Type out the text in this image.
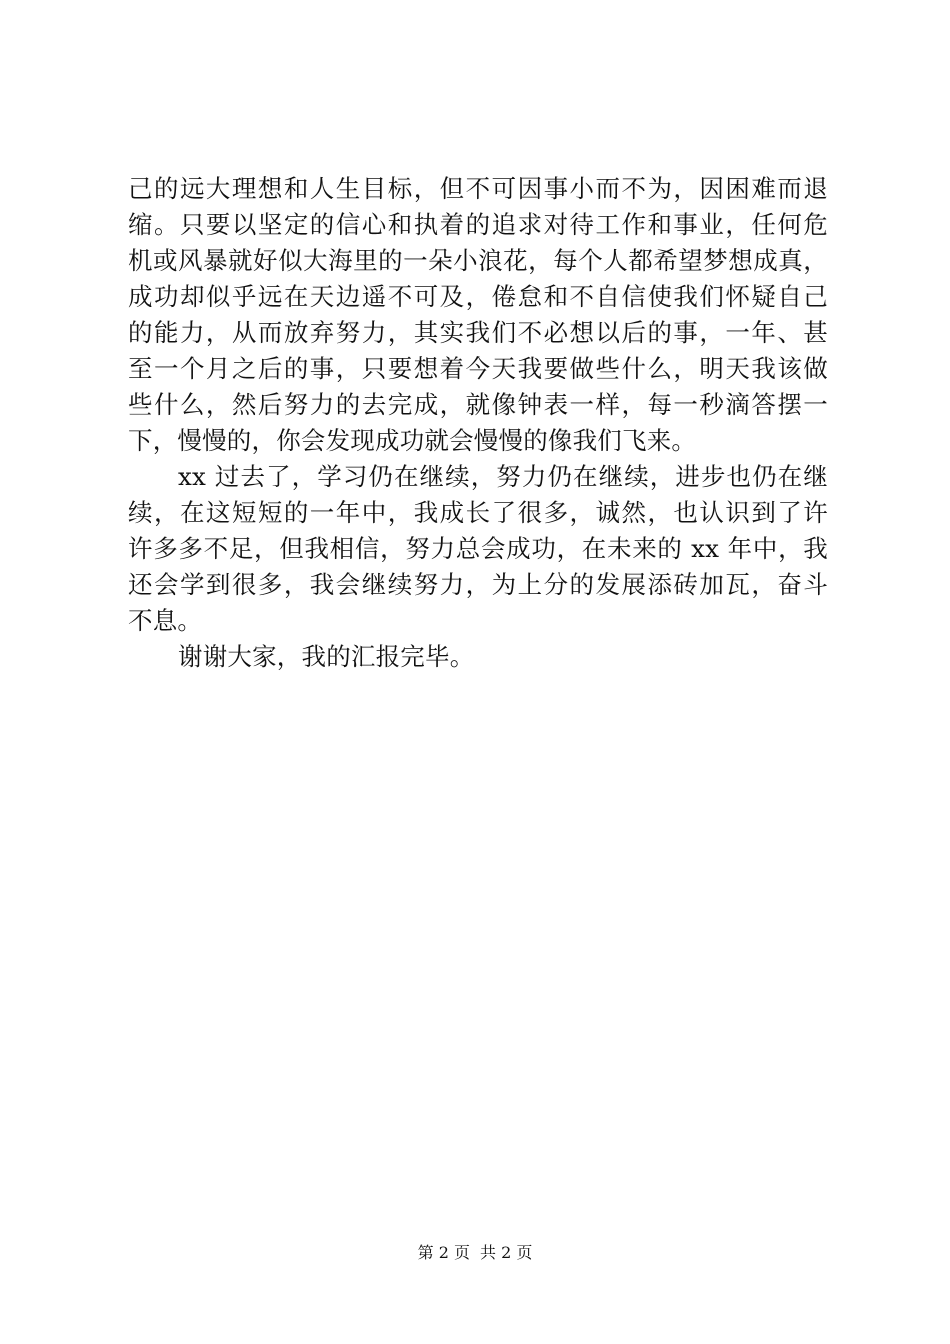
己的远大理想和人生目标，但不可因事小而不为，因困难而退
缩。只要以坚定的信心和执着的追求对待工作和事业，任何危
机或风暴就好似大海里的一朵小浪花，每个人都希望梦想成真，
成功却似乎远在天边遥不可及，倦怠和不自信使我们怀疑自己
的能力，从而放弃努力，其实我们不必想以后的事，一年、甚
至一个月之后的事，只要想着今天我要做些什么，明天我该做
些什么，然后努力的去完成，就像钟表一样，每一秒滴答摆一
下，慢慢的，你会发现成功就会慢慢的像我们飞来。
xx 过去了，学习仍在继续，努力仍在继续，进步也仍在继
续，在这短短的一年中，我成长了很多，诚然，也认识到了许
许多多不足，但我相信，努力总会成功，在未来的 xx 年中，我
还会学到很多，我会继续努力，为上分的发展添砖加瓦，奋斗
不息。
谢谢大家，我的汇报完毕。
第 2 页 共 2 页
